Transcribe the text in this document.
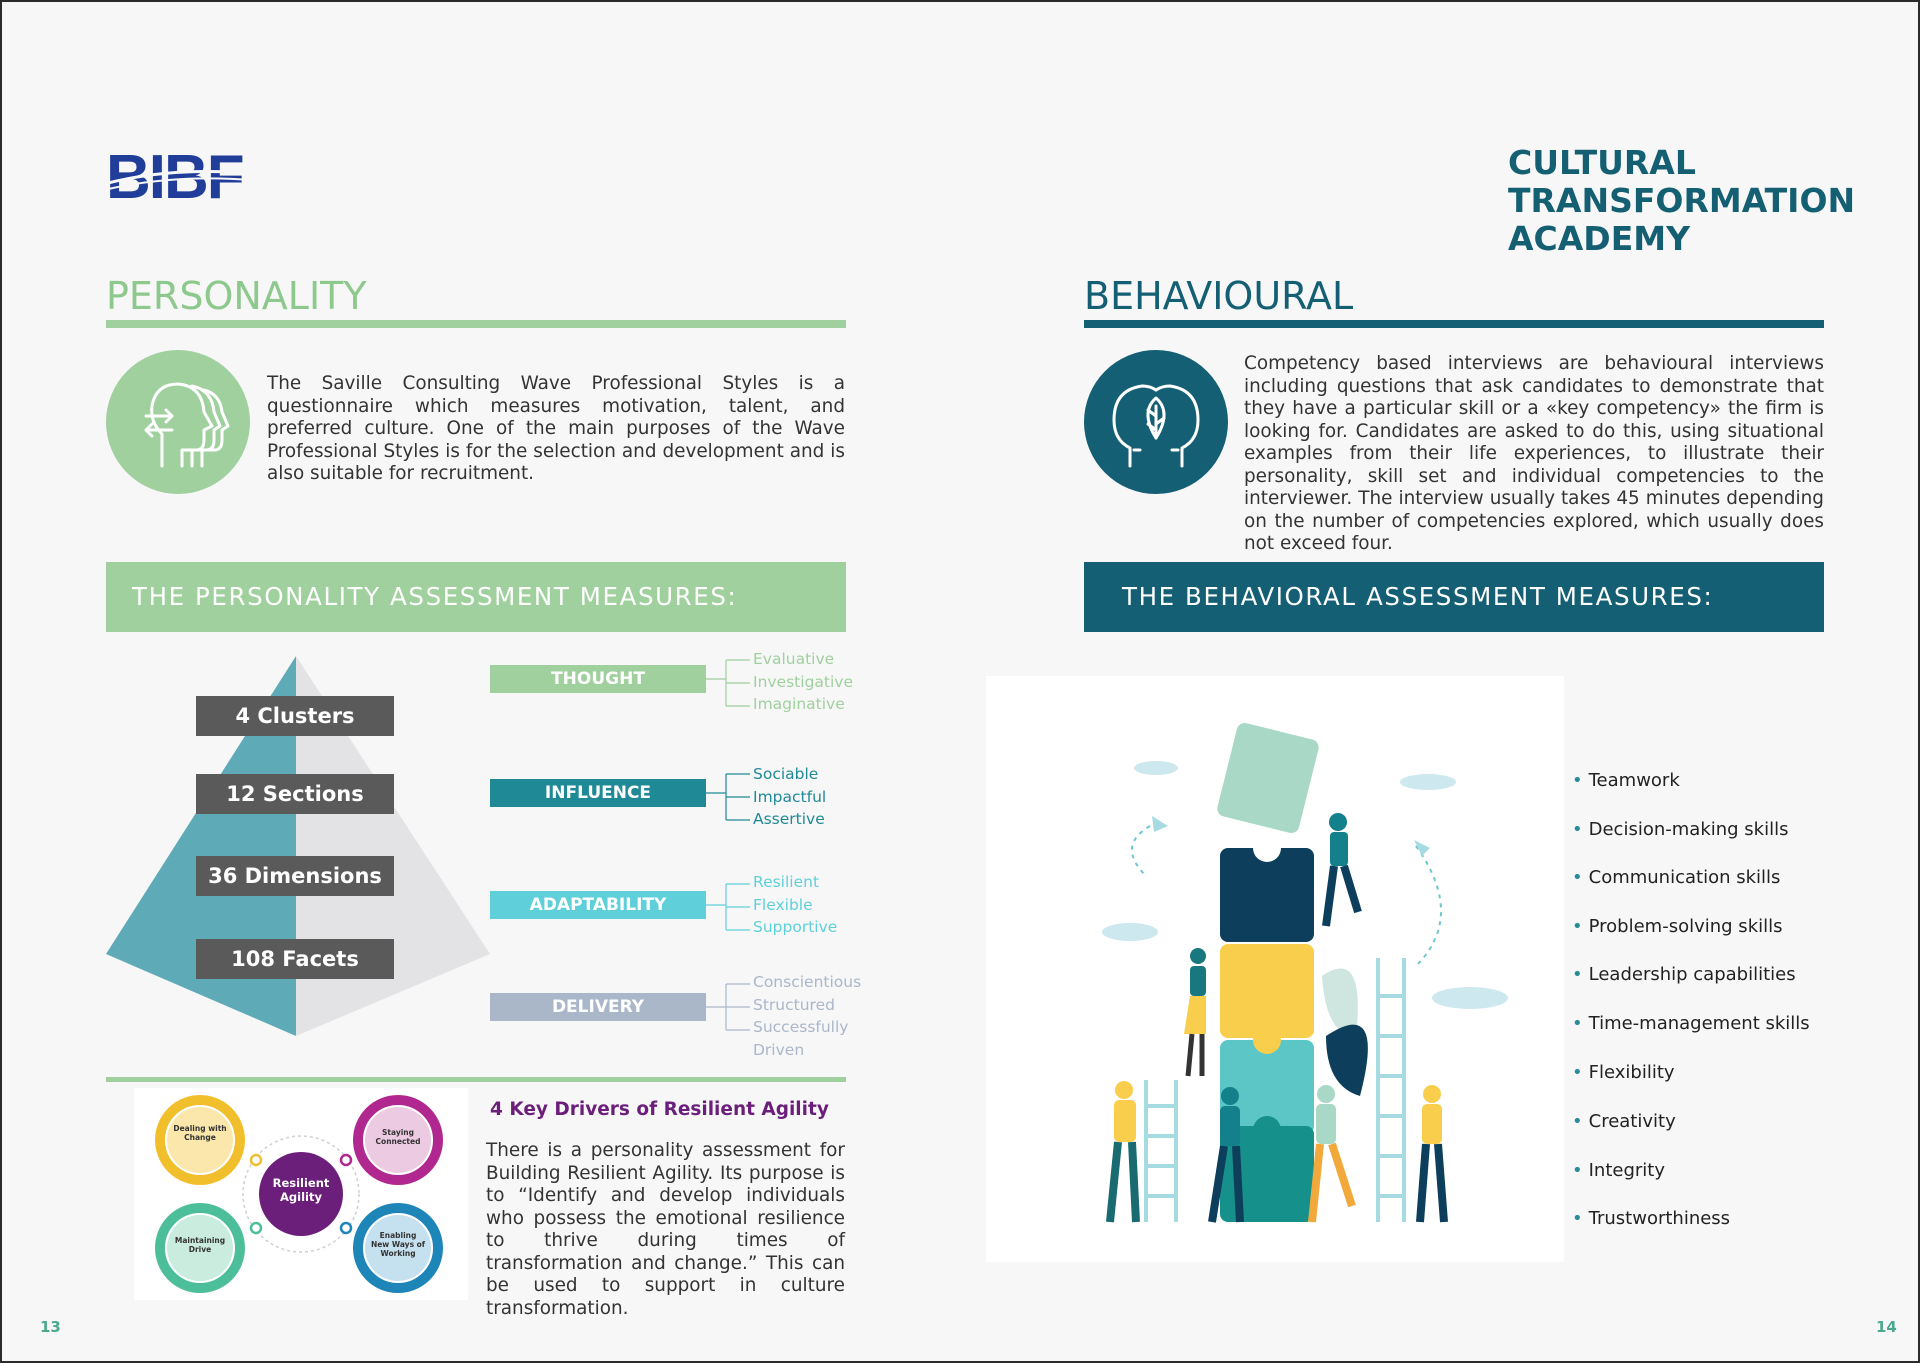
BIBF	CULTURAL
TRANSFORMATION
ACADEMY
PERSONALITY
The Saville Consulting Wave Professional Styles is a questionnaire which measures motivation, talent, and preferred culture. One of the main purposes of the Wave Professional Styles is for the selection and development and is also suitable for recruitment.
BEHAVIOURAL
Competency based interviews are behavioural interviews including questions that ask candidates to demonstrate that they have a particular skill or a «key competency» the firm is looking for. Candidates are asked to do this, using situational examples from their life experiences, to illustrate their personality, skill set and individual competencies to the interviewer. The interview usually takes 45 minutes depending on the number of competencies explored, which usually does not exceed four.
THE PERSONALITY ASSESSMENT MEASURES:	THE BEHAVIORAL ASSESSMENT MEASURES:
4 Clusters
12 Sections
36 Dimensions
108 Facets
THOUGHT
INFLUENCE
ADAPTABILITY
DELIVERY
Evaluative
Investigative
Imaginative
Sociable
Impactful
Assertive
Resilient
Flexible
Supportive
Conscientious
Structured
Successfully
Driven
Resilient Agility
Dealing with Change
Staying Connected
Maintaining Drive
Enabling New Ways of Working
4 Key Drivers of Resilient Agility
There is a personality assessment for Building Resilient Agility. Its purpose is to “Identify and develop individuals who possess the emotional resilience to thrive during times of transformation and change.” This can be used to support in culture transformation.
• Teamwork
• Decision-making skills
• Communication skills
• Problem-solving skills
• Leadership capabilities
• Time-management skills
• Flexibility
• Creativity
• Integrity
• Trustworthiness
13	14
